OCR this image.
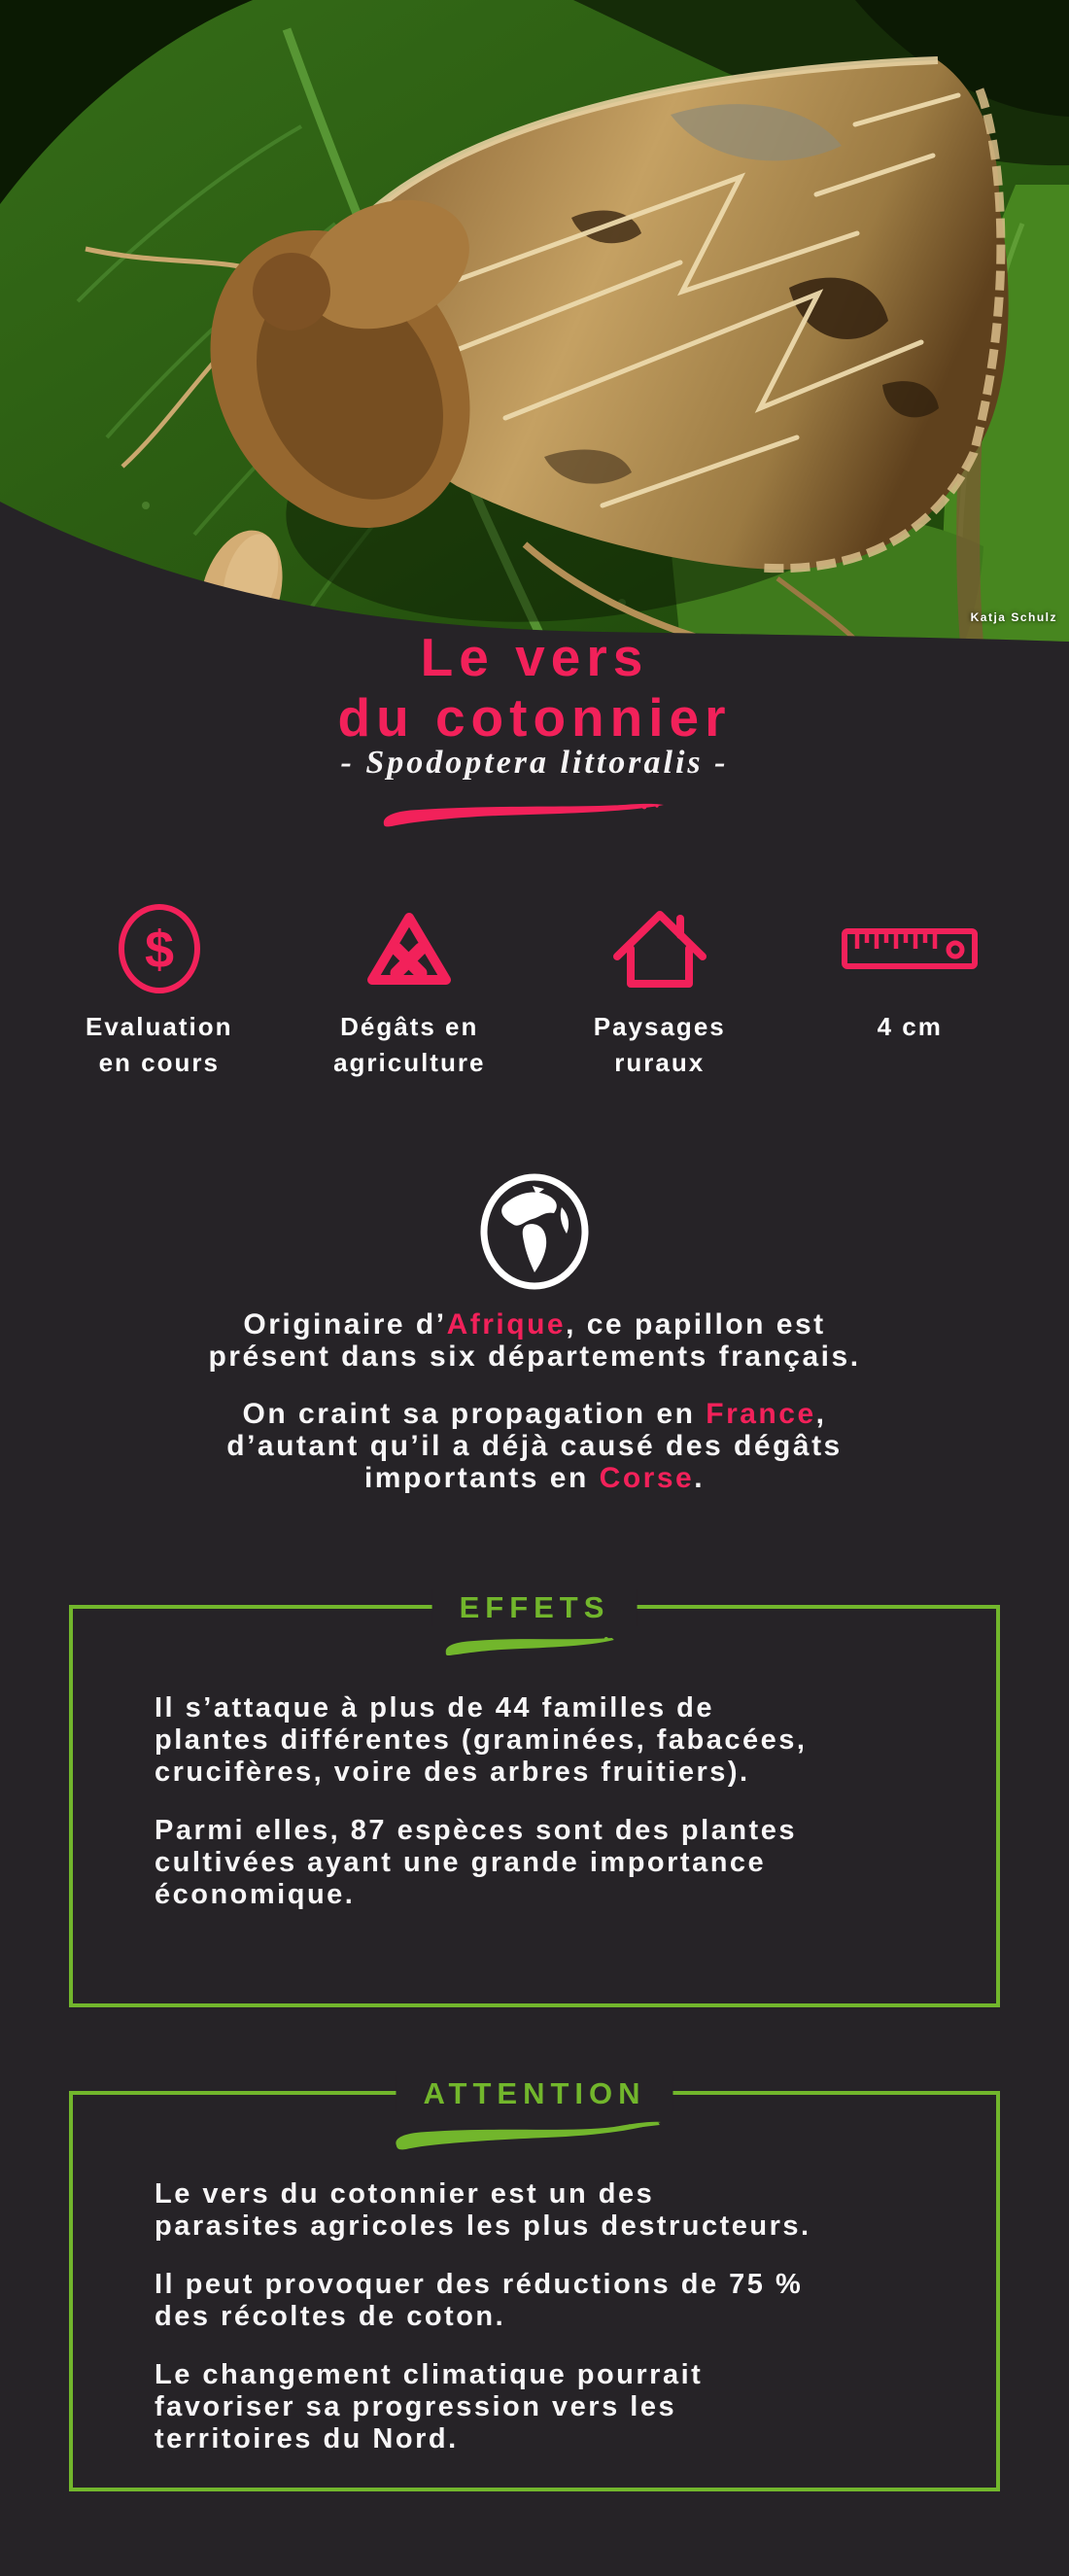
Katja Schulz
Le vers
du cotonnier
- Spodoptera littoralis -
$
Evaluation
en cours
Dégâts en
agriculture
Paysages
ruraux
4 cm
Originaire d’Afrique, ce papillon est
présent dans six départements français.
On craint sa propagation en France,
d’autant qu’il a déjà causé des dégâts
importants en Corse.
EFFETS
Il s’attaque à plus de 44 familles de
plantes différentes (graminées, fabacées,
crucifères, voire des arbres fruitiers).
Parmi elles, 87 espèces sont des plantes
cultivées ayant une grande importance
économique.
ATTENTION
Le vers du cotonnier est un des
parasites agricoles les plus destructeurs.
Il peut provoquer des réductions de 75 %
des récoltes de coton.
Le changement climatique pourrait
favoriser sa progression vers les
territoires du Nord.
